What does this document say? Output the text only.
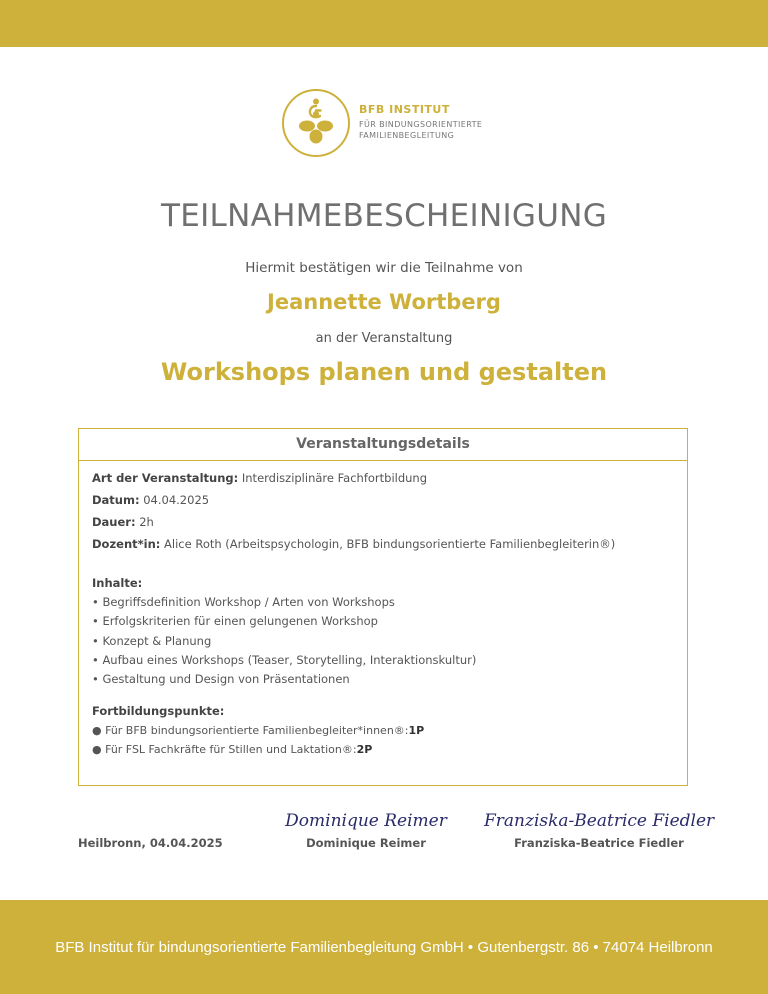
BFB INSTITUT
FÜR BINDUNGSORIENTIERTE
FAMILIENBEGLEITUNG
TEILNAHMEBESCHEINIGUNG
Hiermit bestätigen wir die Teilnahme von
Jeannette Wortberg
an der Veranstaltung
Workshops planen und gestalten
Veranstaltungsdetails
Art der Veranstaltung: Interdisziplinäre Fachfortbildung
Datum: 04.04.2025
Dauer: 2h
Dozent*in: Alice Roth (Arbeitspsychologin, BFB bindungsorientierte Familienbegleiterin®)
Inhalte:
• Begriffsdefinition Workshop / Arten von Workshops
• Erfolgskriterien für einen gelungenen Workshop
• Konzept & Planung
• Aufbau eines Workshops (Teaser, Storytelling, Interaktionskultur)
• Gestaltung und Design von Präsentationen
Fortbildungspunkte:
● Für BFB bindungsorientierte Familienbegleiter*innen®:1P
● Für FSL Fachkräfte für Stillen und Laktation®:2P
Heilbronn, 04.04.2025
Dominique Reimer
Dominique Reimer
Franziska-Beatrice Fiedler
Franziska-Beatrice Fiedler
BFB Institut für bindungsorientierte Familienbegleitung GmbH • Gutenbergstr. 86 • 74074 Heilbronn
